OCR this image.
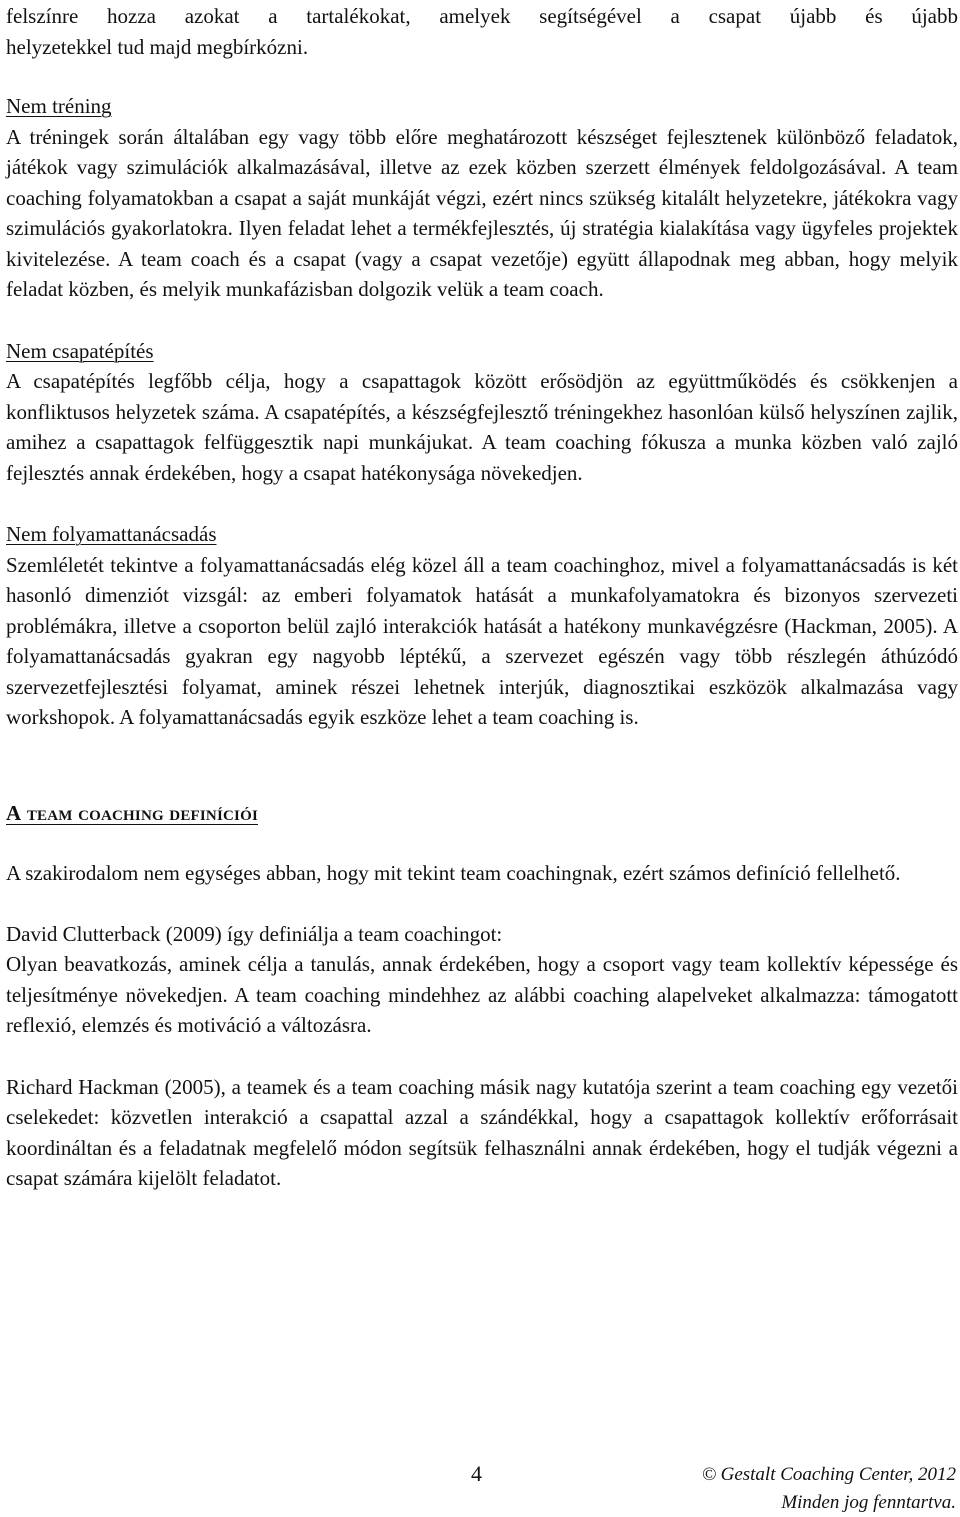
felszínre hozza azokat a tartalékokat, amelyek segítségével a csapat újabb és újabb
helyzetekkel tud majd megbírkózni.

Nem tréning

A tréningek során általában egy vagy több előre meghatározott készséget fejlesztenek különböző feladatok, játékok vagy szimulációk alkalmazásával, illetve az ezek közben szerzett élmények feldolgozásával. A team coaching folyamatokban a csapat a saját munkáját végzi, ezért nincs szükség kitalált helyzetekre, játékokra vagy szimulációs gyakorlatokra. Ilyen feladat lehet a termékfejlesztés, új stratégia kialakítása vagy ügyfeles projektek kivitelezése. A team coach és a csapat (vagy a csapat vezetője) együtt állapodnak meg abban, hogy melyik feladat közben, és melyik munkafázisban dolgozik velük a team coach.

Nem csapatépítés

A csapatépítés legfőbb célja, hogy a csapattagok között erősödjön az együttműködés és csökkenjen a konfliktusos helyzetek száma. A csapatépítés, a készségfejlesztő tréningekhez hasonlóan külső helyszínen zajlik, amihez a csapattagok felfüggesztik napi munkájukat. A team coaching fókusza a munka közben való zajló fejlesztés annak érdekében, hogy a csapat hatékonysága növekedjen.

Nem folyamattanácsadás

Szemléletét tekintve a folyamattanácsadás elég közel áll a team coachinghoz, mivel a folyamattanácsadás is két hasonló dimenziót vizsgál: az emberi folyamatok hatását a munkafolyamatokra és bizonyos szervezeti problémákra, illetve a csoporton belül zajló interakciók hatását a hatékony munkavégzésre (Hackman, 2005). A folyamattanácsadás gyakran egy nagyobb léptékű, a szervezet egészén vagy több részlegén áthúzódó szervezetfejlesztési folyamat, aminek részei lehetnek interjúk, diagnosztikai eszközök alkalmazása vagy workshopok. A folyamattanácsadás egyik eszköze lehet a team coaching is.

A team coaching definíciói

A szakirodalom nem egységes abban, hogy mit tekint team coachingnak, ezért számos definíció fellelhető.

David Clutterback (2009) így definiálja a team coachingot:

Olyan beavatkozás, aminek célja a tanulás, annak érdekében, hogy a csoport vagy team kollektív képessége és teljesítménye növekedjen. A team coaching mindehhez az alábbi coaching alapelveket alkalmazza: támogatott reflexió, elemzés és motiváció a változásra.

Richard Hackman (2005), a teamek és a team coaching másik nagy kutatója szerint a team coaching egy vezetői cselekedet: közvetlen interakció a csapattal azzal a szándékkal, hogy a csapattagok kollektív erőforrásait koordináltan és a feladatnak megfelelő módon segítsük felhasználni annak érdekében, hogy el tudják végezni a csapat számára kijelölt feladatot.

4	© Gestalt Coaching Center, 2012
Minden jog fenntartva.
